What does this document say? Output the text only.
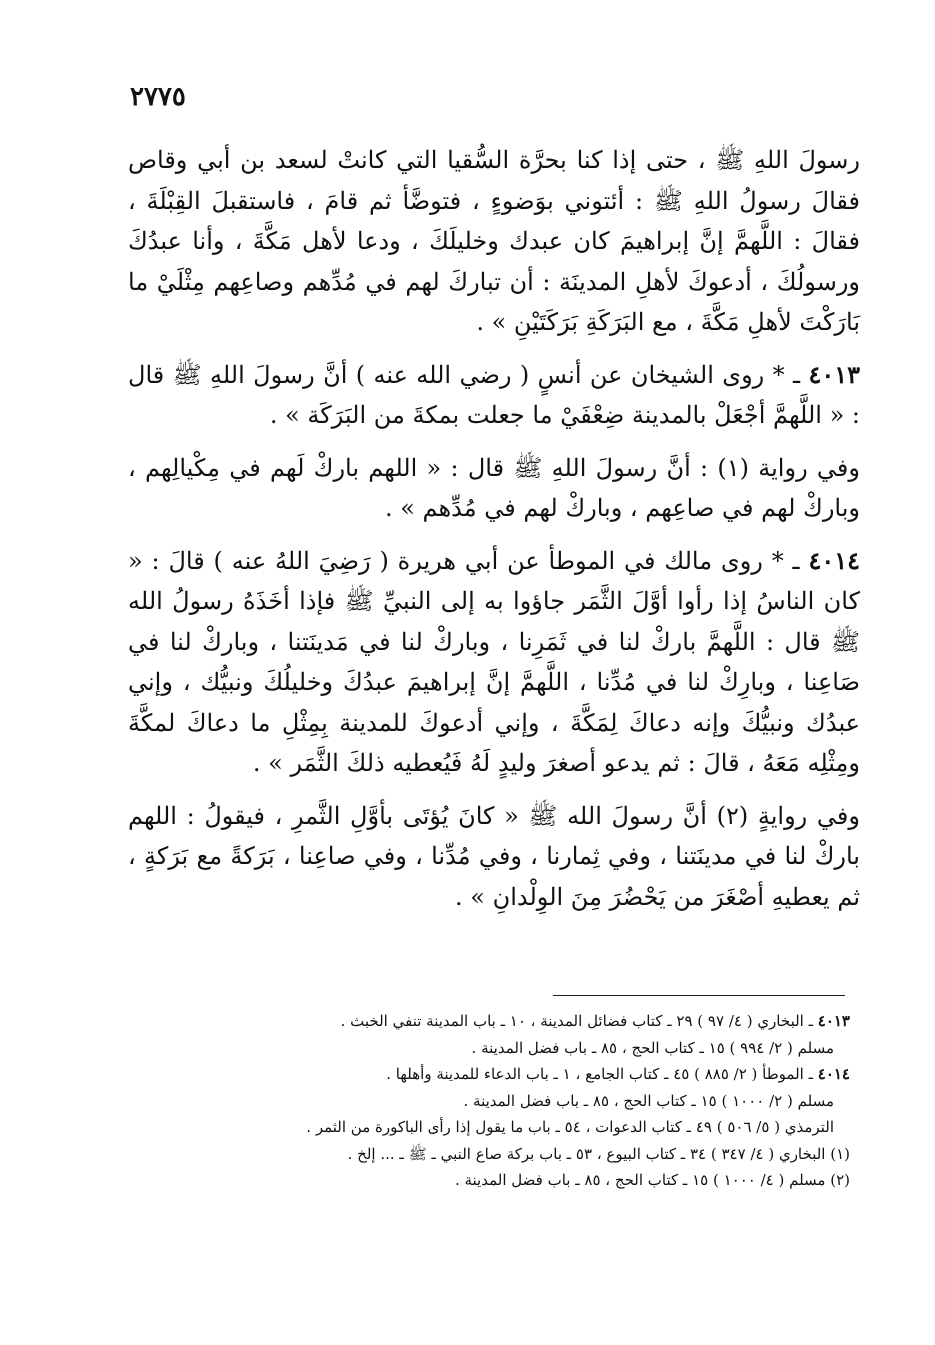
٢٧٧٥

رسولَ اللهِ ﷺ ، حتى إذا كنا بحرَّة السُّقيا التي كانتْ لسعد بن أبي وقاص فقالَ رسولُ اللهِ ﷺ : أئتوني بوَضوءٍ ، فتوضَّأ ثم قامَ ، فاستقبلَ القِبْلَةَ ، فقالَ : اللَّهمَّ إنَّ إبراهيمَ كان عبدك وخليلَكَ ، ودعا لأهل مَكَّةَ ، وأنا عبدُكَ ورسولُكَ ، أدعوكَ لأهلِ المدينَة : أن تباركَ لهم في مُدِّهم وصاعِهم مِثْلَيْ ما بَارَكْتَ لأهلِ مَكَّةَ ، مع البَرَكَةِ بَرَكَتَيْنِ » .

٤٠١٣ ـ * روى الشيخان عن أنسٍ ( رضي الله عنه ) أنَّ رسولَ اللهِ ﷺ قال : « اللَّهمَّ أجْعَلْ بالمدينة ضِعْفَيْ ما جعلت بمكةَ من البَرَكَة » .

وفي رواية (١) : أنَّ رسولَ اللهِ ﷺ قال : « اللهم باركْ لَهم في مِكْيالِهم ، وباركْ لهم في صاعِهم ، وباركْ لهم في مُدِّهم » .

٤٠١٤ ـ * روى مالك في الموطأ عن أبي هريرة ( رَضِيَ اللهُ عنه ) قالَ : « كان الناسُ إذا رأوا أوَّلَ الثَّمَر جاؤوا به إلى النبيِّ ﷺ فإذا أخَذَهُ رسولُ الله ﷺ قال : اللَّهمَّ باركْ لنا في ثَمَرِنا ، وباركْ لنا في مَدينَتنا ، وباركْ لنا في صَاعِنا ، وبارِكْ لنا في مُدِّنا ، اللَّهمَّ إنَّ إبراهيمَ عبدُكَ وخليلُكَ ونبيُّك ، وإني عبدُك ونبيُّكَ وإنه دعاكَ لِمَكَّةَ ، وإني أدعوكَ للمدينة بِمِثْلِ ما دعاكَ لمكَّةَ ومِثْلِه مَعَهُ ، قالَ : ثم يدعو أصغرَ وليدٍ لَهُ فَيُعطيه ذلكَ الثَّمَر » .

وفي روايةٍ (٢) أنَّ رسولَ الله ﷺ « كانَ يُؤتَى بأوَّلِ الثَّمرِ ، فيقولُ : اللهم باركْ لنا في مدينَتنا ، وفي ثِمارنا ، وفي مُدِّنا ، وفي صاعِنا ، بَرَكةً مع بَرَكةٍ ، ثم يعطيهِ أصْغَرَ من يَحْضُرَ مِنَ الوِلْدانِ » .

٤٠١٣ ـ البخاري ( ٤/ ٩٧ ) ٢٩ ـ كتاب فضائل المدينة ، ١٠ ـ باب المدينة تنفي الخبث .
مسلم ( ٢/ ٩٩٤ ) ١٥ ـ كتاب الحج ، ٨٥ ـ باب فضل المدينة .
٤٠١٤ ـ الموطأ ( ٢/ ٨٨٥ ) ٤٥ ـ كتاب الجامع ، ١ ـ باب الدعاء للمدينة وأهلها .
مسلم ( ٢/ ١٠٠٠ ) ١٥ ـ كتاب الحج ، ٨٥ ـ باب فضل المدينة .
الترمذي ( ٥/ ٥٠٦ ) ٤٩ ـ كتاب الدعوات ، ٥٤ ـ باب ما يقول إذا رأى الباكورة من الثمر .
(١) البخاري ( ٤/ ٣٤٧ ) ٣٤ ـ كتاب البيوع ، ٥٣ ـ باب بركة صاع النبي ـ ﷺ ـ ... إلخ .
(٢) مسلم ( ٤/ ١٠٠٠ ) ١٥ ـ كتاب الحج ، ٨٥ ـ باب فضل المدينة .
